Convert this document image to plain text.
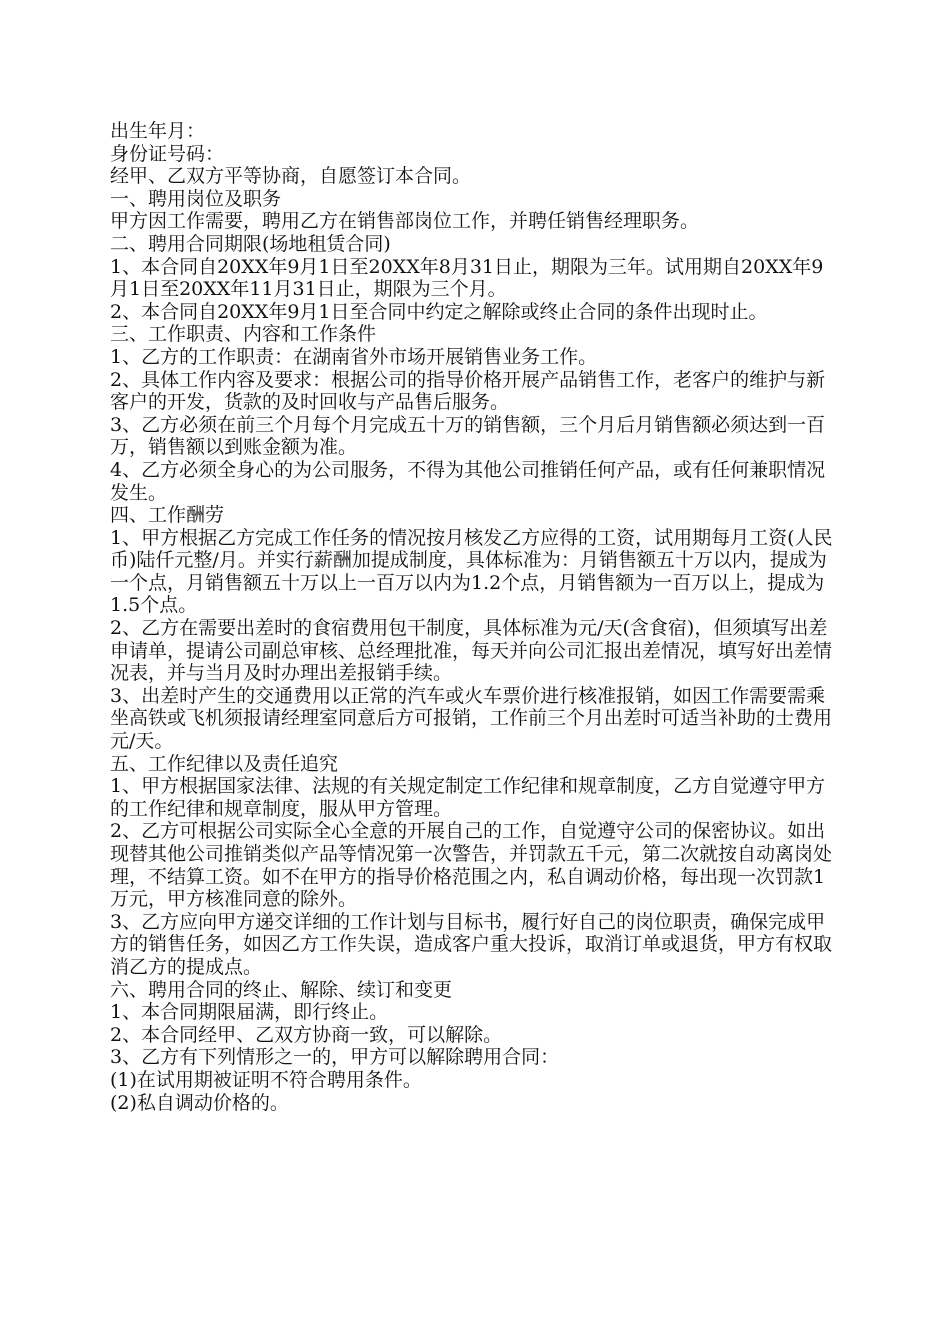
出生年月：

身份证号码：

经甲、乙双方平等协商，自愿签订本合同。

一、聘用岗位及职务

甲方因工作需要，聘用乙方在销售部岗位工作，并聘任销售经理职务。

二、聘用合同期限(场地租赁合同)

1、本合同自20XX年9月1日至20XX年8月31日止，期限为三年。试用期自20XX年9月1日至20XX年11月31日止，期限为三个月。

2、本合同自20XX年9月1日至合同中约定之解除或终止合同的条件出现时止。

三、工作职责、内容和工作条件

1、乙方的工作职责：在湖南省外市场开展销售业务工作。

2、具体工作内容及要求：根据公司的指导价格开展产品销售工作，老客户的维护与新客户的开发，货款的及时回收与产品售后服务。

3、乙方必须在前三个月每个月完成五十万的销售额，三个月后月销售额必须达到一百万，销售额以到账金额为准。

4、乙方必须全身心的为公司服务，不得为其他公司推销任何产品，或有任何兼职情况发生。

四、工作酬劳

1、甲方根据乙方完成工作任务的情况按月核发乙方应得的工资，试用期每月工资(人民币)陆仟元整/月。并实行薪酬加提成制度，具体标准为：月销售额五十万以内，提成为一个点，月销售额五十万以上一百万以内为1.2个点，月销售额为一百万以上，提成为1.5个点。

2、乙方在需要出差时的食宿费用包干制度，具体标准为元/天(含食宿)，但须填写出差申请单，提请公司副总审核、总经理批准，每天并向公司汇报出差情况，填写好出差情况表，并与当月及时办理出差报销手续。

3、出差时产生的交通费用以正常的汽车或火车票价进行核准报销，如因工作需要需乘坐高铁或飞机须报请经理室同意后方可报销，工作前三个月出差时可适当补助的士费用元/天。

五、工作纪律以及责任追究

1、甲方根据国家法律、法规的有关规定制定工作纪律和规章制度，乙方自觉遵守甲方的工作纪律和规章制度，服从甲方管理。

2、乙方可根据公司实际全心全意的开展自己的工作，自觉遵守公司的保密协议。如出现替其他公司推销类似产品等情况第一次警告，并罚款五千元，第二次就按自动离岗处理，不结算工资。如不在甲方的指导价格范围之内，私自调动价格，每出现一次罚款1万元，甲方核准同意的除外。

3、乙方应向甲方递交详细的工作计划与目标书，履行好自己的岗位职责，确保完成甲方的销售任务，如因乙方工作失误，造成客户重大投诉，取消订单或退货，甲方有权取消乙方的提成点。

六、聘用合同的终止、解除、续订和变更

1、本合同期限届满，即行终止。

2、本合同经甲、乙双方协商一致，可以解除。

3、乙方有下列情形之一的，甲方可以解除聘用合同：

(1)在试用期被证明不符合聘用条件。

(2)私自调动价格的。
